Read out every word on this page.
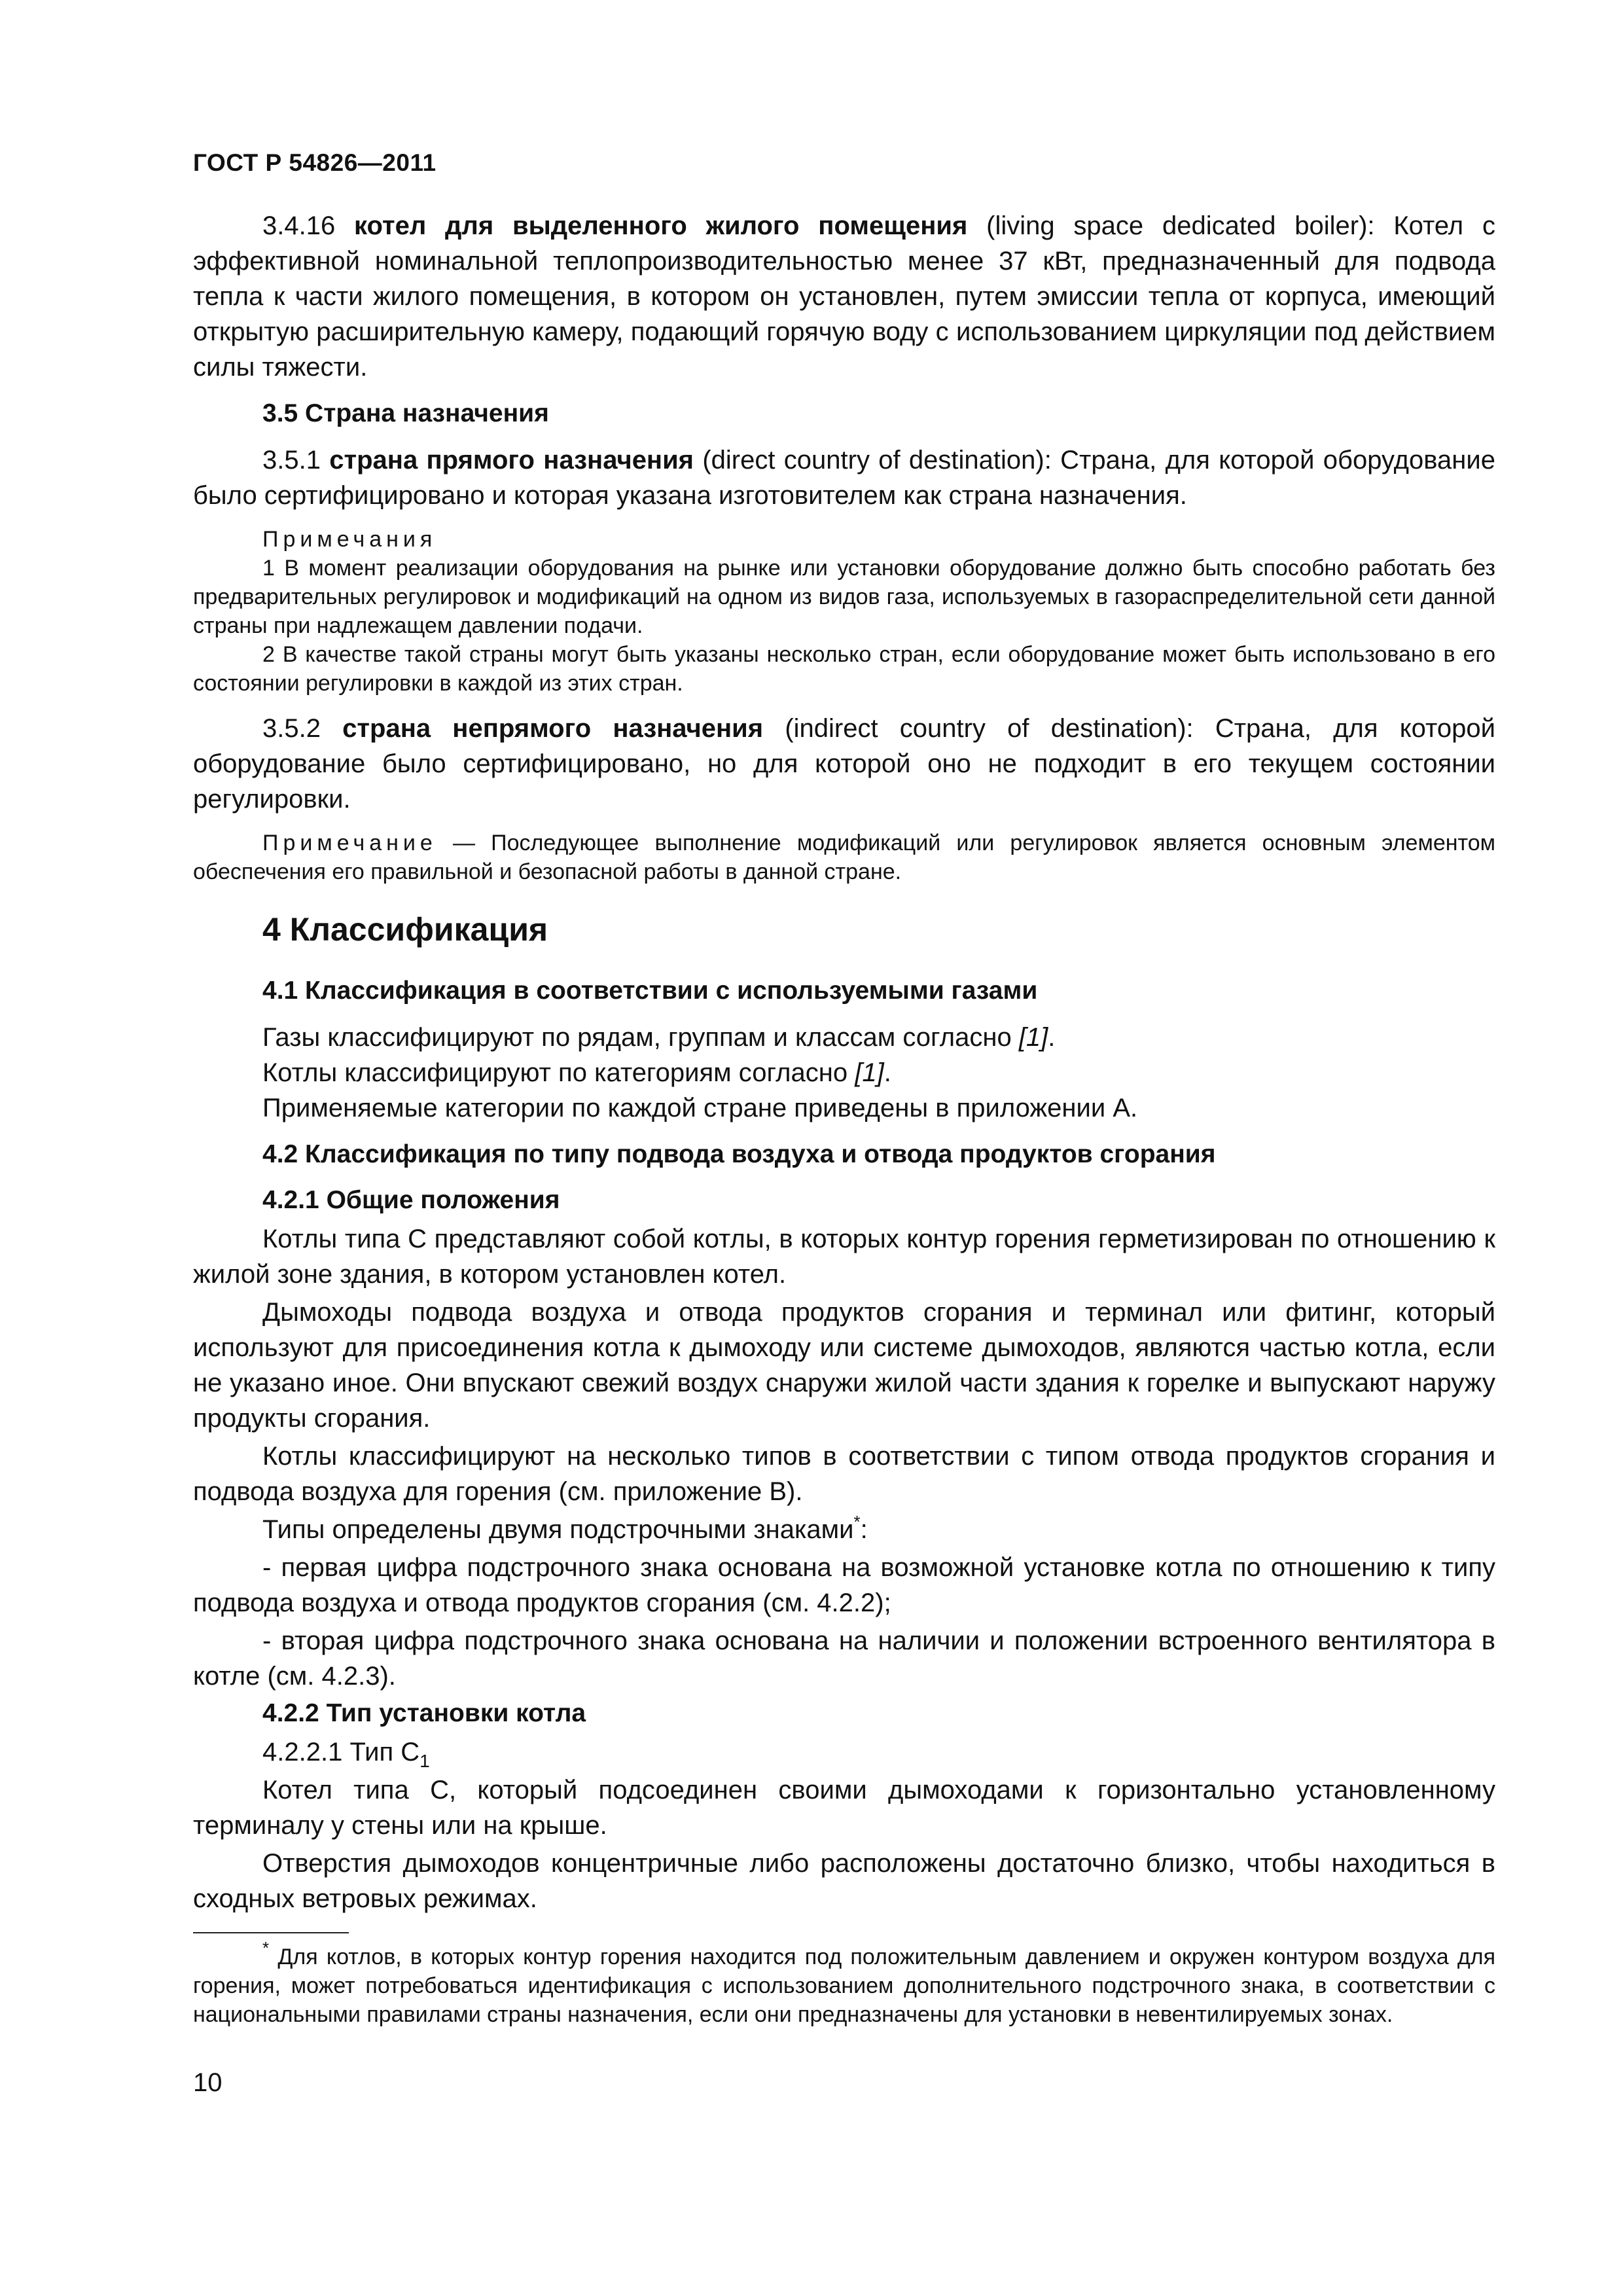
ГОСТ Р 54826—2011

3.4.16 котел для выделенного жилого помещения (living space dedicated boiler): Котел с эффективной номинальной теплопроизводительностью менее 37 кВт, предназначенный для подвода тепла к части жилого помещения, в котором он установлен, путем эмиссии тепла от корпуса, имеющий открытую расширительную камеру, подающий горячую воду с использованием циркуляции под действием силы тяжести.

3.5 Страна назначения

3.5.1 страна прямого назначения (direct country of destination): Страна, для которой оборудование было сертифицировано и которая указана изготовителем как страна назначения.

Примечания

1 В момент реализации оборудования на рынке или установки оборудование должно быть способно работать без предварительных регулировок и модификаций на одном из видов газа, используемых в газораспределительной сети данной страны при надлежащем давлении подачи.

2 В качестве такой страны могут быть указаны несколько стран, если оборудование может быть использовано в его состоянии регулировки в каждой из этих стран.

3.5.2 страна непрямого назначения (indirect country of destination): Страна, для которой оборудование было сертифицировано, но для которой оно не подходит в его текущем состоянии регулировки.

Примечание — Последующее выполнение модификаций или регулировок является основным элементом обеспечения его правильной и безопасной работы в данной стране.

4 Классификация
4.1 Классификация в соответствии с используемыми газами
Газы классифицируют по рядам, группам и классам согласно [1].
Котлы классифицируют по категориям согласно [1].
Применяемые категории по каждой стране приведены в приложении А.
4.2 Классификация по типу подвода воздуха и отвода продуктов сгорания
4.2.1 Общие положения

Котлы типа С представляют собой котлы, в которых контур горения герметизирован по отношению к жилой зоне здания, в котором установлен котел.

Дымоходы подвода воздуха и отвода продуктов сгорания и терминал или фитинг, который используют для присоединения котла к дымоходу или системе дымоходов, являются частью котла, если не указано иное. Они впускают свежий воздух снаружи жилой части здания к горелке и выпускают наружу продукты сгорания.

Котлы классифицируют на несколько типов в соответствии с типом отвода продуктов сгорания и подвода воздуха для горения (см. приложение В).

Типы определены двумя подстрочными знаками*:

- первая цифра подстрочного знака основана на возможной установке котла по отношению к типу подвода воздуха и отвода продуктов сгорания (см. 4.2.2);

- вторая цифра подстрочного знака основана на наличии и положении встроенного вентилятора в котле (см. 4.2.3).

4.2.2 Тип установки котла
4.2.2.1 Тип $С_1$

Котел типа С, который подсоединен своими дымоходами к горизонтально установленному терминалу у стены или на крыше.

Отверстия дымоходов концентричные либо расположены достаточно близко, чтобы находиться в сходных ветровых режимах.

* Для котлов, в которых контур горения находится под положительным давлением и окружен контуром воздуха для горения, может потребоваться идентификация с использованием дополнительного подстрочного знака, в соответствии с национальными правилами страны назначения, если они предназначены для установки в невентилируемых зонах.
10
